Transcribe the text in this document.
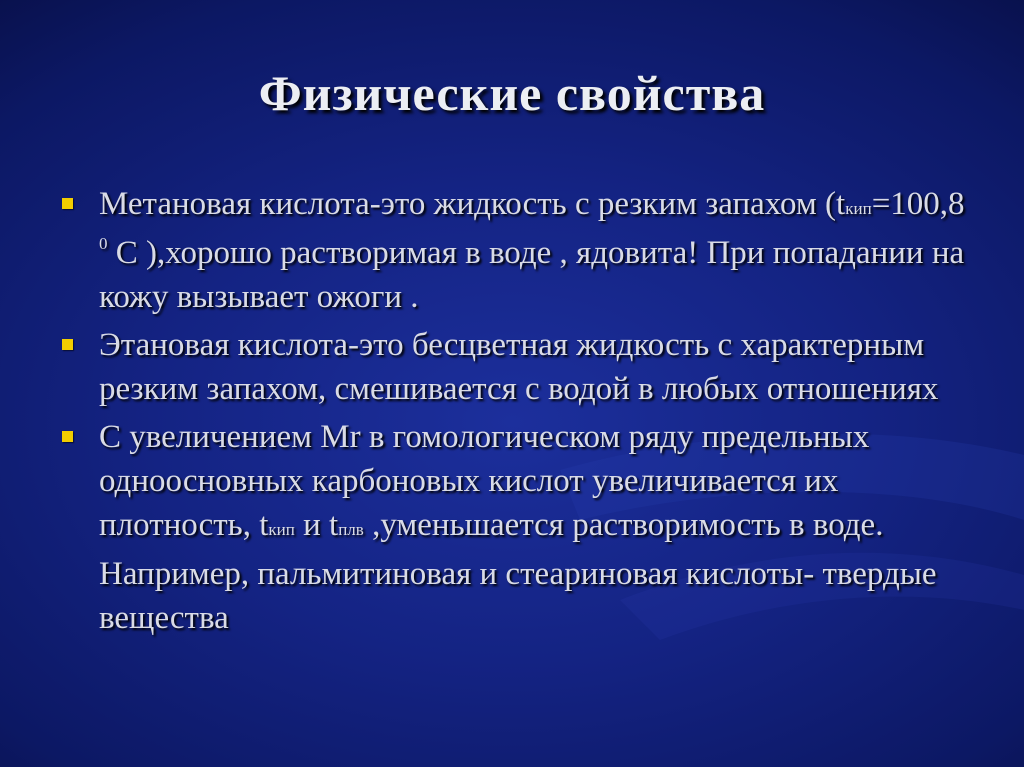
Физические свойства
Метановая кислота-это жидкость с резким запахом (tкип=100,8 $^0$ С ),хорошо растворимая в воде , ядовита! При попадании на кожу вызывает ожоги .
Этановая кислота-это бесцветная жидкость с характерным резким запахом, смешивается с водой в любых отношениях
С увеличением Mr в гомологическом ряду предельных одноосновных карбоновых кислот увеличивается их плотность, tкип и tплв ,уменьшается растворимость в воде. Например, пальмитиновая и стеариновая кислоты- твердые вещества
